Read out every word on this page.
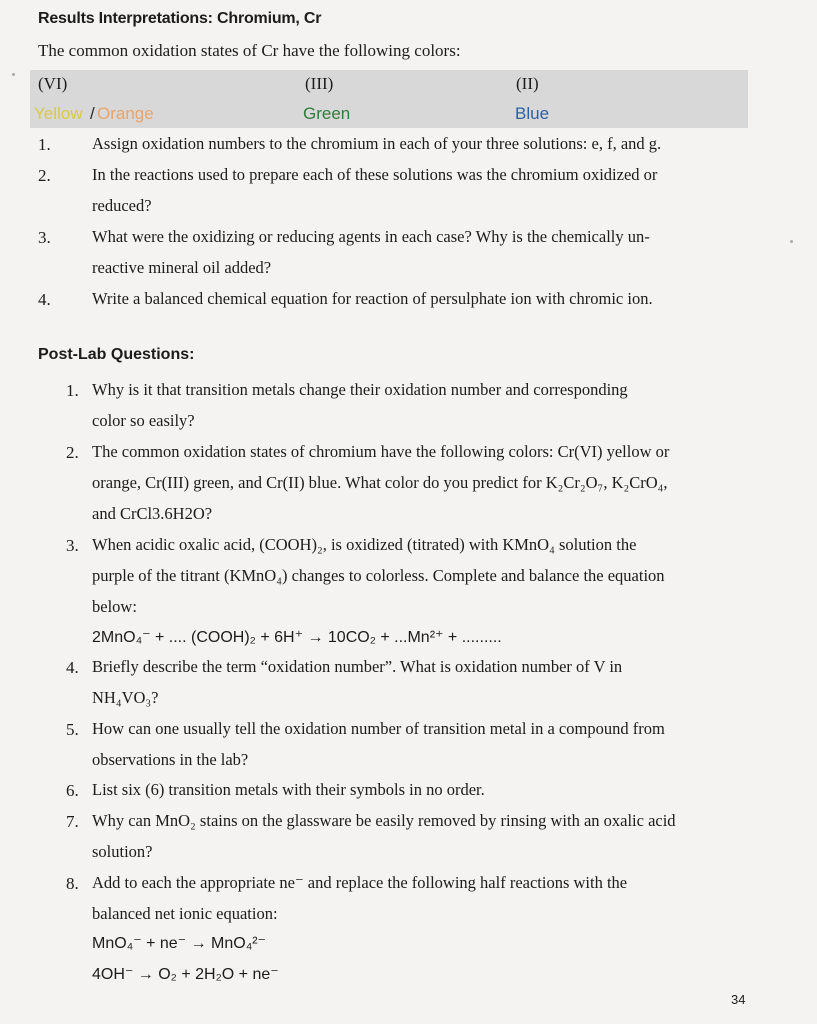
Results Interpretations: Chromium, Cr
The common oxidation states of Cr have the following colors:
(VI)	(III)	(II)
Yellow / Orange	Green	Blue
1.	Assign oxidation numbers to the chromium in each of your three solutions: e, f, and g.
2.	In the reactions used to prepare each of these solutions was the chromium oxidized or
reduced?
3.	What were the oxidizing or reducing agents in each case? Why is the chemically un-
reactive mineral oil added?
4.	Write a balanced chemical equation for reaction of persulphate ion with chromic ion.
Post-Lab Questions:
1. Why is it that transition metals change their oxidation number and corresponding
color so easily?
2. The common oxidation states of chromium have the following colors: Cr(VI) yellow or
orange, Cr(III) green, and Cr(II) blue. What color do you predict for K₂Cr₂O₇, K₂CrO₄,
and CrCl3.6H2O?
3. When acidic oxalic acid, (COOH)₂, is oxidized (titrated) with KMnO₄ solution the
purple of the titrant (KMnO₄) changes to colorless. Complete and balance the equation
below:
2MnO₄⁻ + .... (COOH)₂ + 6H⁺ → 10CO₂ + ...Mn²⁺ + .........
4. Briefly describe the term “oxidation number”. What is oxidation number of V in
NH₄VO₃?
5. How can one usually tell the oxidation number of transition metal in a compound from
observations in the lab?
6. List six (6) transition metals with their symbols in no order.
7. Why can MnO₂ stains on the glassware be easily removed by rinsing with an oxalic acid
solution?
8. Add to each the appropriate ne⁻ and replace the following half reactions with the
balanced net ionic equation:
MnO₄⁻ + ne⁻ → MnO₄²⁻
4OH⁻ → O₂ + 2H₂O + ne⁻
34
